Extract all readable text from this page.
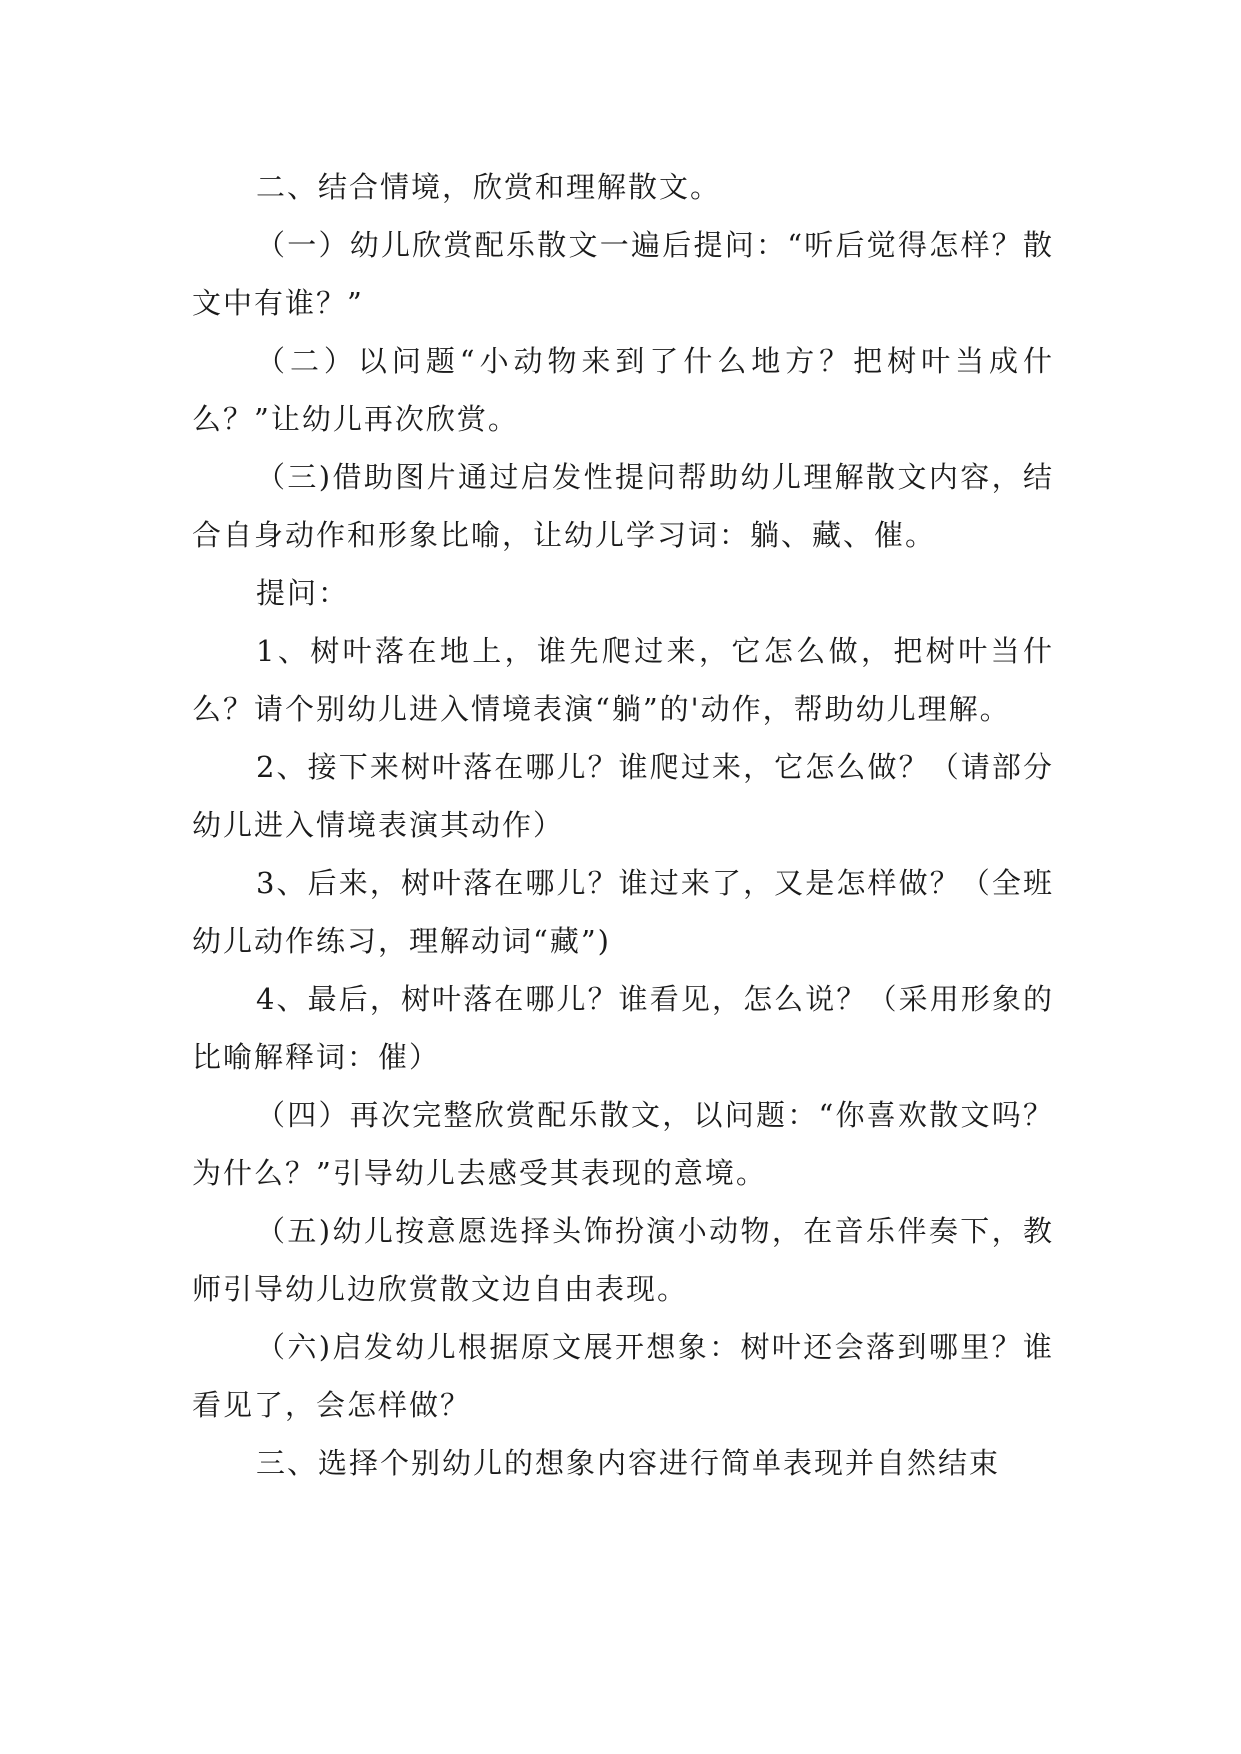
二、结合情境，欣赏和理解散文。

（一）幼儿欣赏配乐散文一遍后提问：“听后觉得怎样？散文中有谁？”

（二）以问题“小动物来到了什么地方？把树叶当成什么？”让幼儿再次欣赏。

（三)借助图片通过启发性提问帮助幼儿理解散文内容，结合自身动作和形象比喻，让幼儿学习词：躺、藏、催。

提问：

1、树叶落在地上，谁先爬过来，它怎么做，把树叶当什么？请个别幼儿进入情境表演“躺”的'动作，帮助幼儿理解。

2、接下来树叶落在哪儿？谁爬过来，它怎么做？（请部分幼儿进入情境表演其动作）

3、后来，树叶落在哪儿？谁过来了，又是怎样做？（全班幼儿动作练习，理解动词“藏”)

4、最后，树叶落在哪儿？谁看见，怎么说？（采用形象的比喻解释词：催）

（四）再次完整欣赏配乐散文，以问题：“你喜欢散文吗？为什么？”引导幼儿去感受其表现的意境。

（五)幼儿按意愿选择头饰扮演小动物，在音乐伴奏下，教师引导幼儿边欣赏散文边自由表现。

（六)启发幼儿根据原文展开想象：树叶还会落到哪里？谁看见了，会怎样做？

三、选择个别幼儿的想象内容进行简单表现并自然结束
